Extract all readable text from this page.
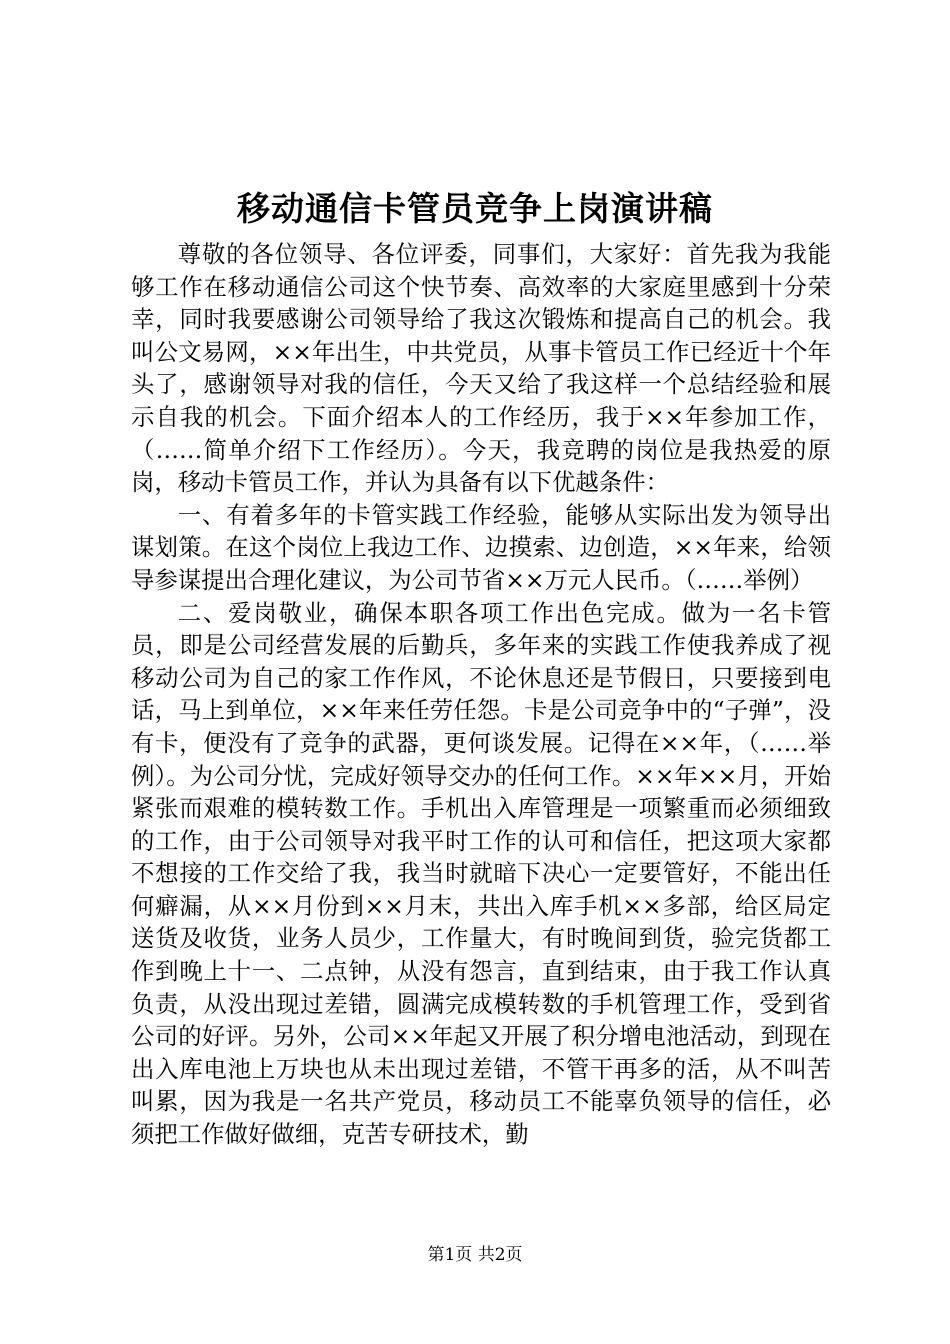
移动通信卡管员竞争上岗演讲稿

尊敬的各位领导、各位评委，同事们，大家好：首先我为我能够工作在移动通信公司这个快节奏、高效率的大家庭里感到十分荣幸，同时我要感谢公司领导给了我这次锻炼和提高自己的机会。我叫公文易网，××年出生，中共党员，从事卡管员工作已经近十个年头了，感谢领导对我的信任，今天又给了我这样一个总结经验和展示自我的机会。下面介绍本人的工作经历，我于××年参加工作，（……简单介绍下工作经历）。今天，我竞聘的岗位是我热爱的原岗，移动卡管员工作，并认为具备有以下优越条件：

一、有着多年的卡管实践工作经验，能够从实际出发为领导出谋划策。在这个岗位上我边工作、边摸索、边创造，××年来，给领导参谋提出合理化建议，为公司节省××万元人民币。（……举例）

二、爱岗敬业，确保本职各项工作出色完成。做为一名卡管员，即是公司经营发展的后勤兵，多年来的实践工作使我养成了视移动公司为自己的家工作作风，不论休息还是节假日，只要接到电话，马上到单位，××年来任劳任怨。卡是公司竞争中的“子弹”，没有卡，便没有了竞争的武器，更何谈发展。记得在××年，（……举例）。为公司分忧，完成好领导交办的任何工作。××年××月，开始紧张而艰难的模转数工作。手机出入库管理是一项繁重而必须细致的工作，由于公司领导对我平时工作的认可和信任，把这项大家都不想接的工作交给了我，我当时就暗下决心一定要管好，不能出任何癖漏，从××月份到××月末，共出入库手机××多部，给区局定送货及收货，业务人员少，工作量大，有时晚间到货，验完货都工作到晚上十一、二点钟，从没有怨言，直到结束，由于我工作认真负责，从没出现过差错，圆满完成模转数的手机管理工作，受到省公司的好评。另外，公司××年起又开展了积分增电池活动，到现在出入库电池上万块也从未出现过差错，不管干再多的活，从不叫苦叫累，因为我是一名共产党员，移动员工不能辜负领导的信任，必须把工作做好做细，克苦专研技术，勤

第1页 共2页
